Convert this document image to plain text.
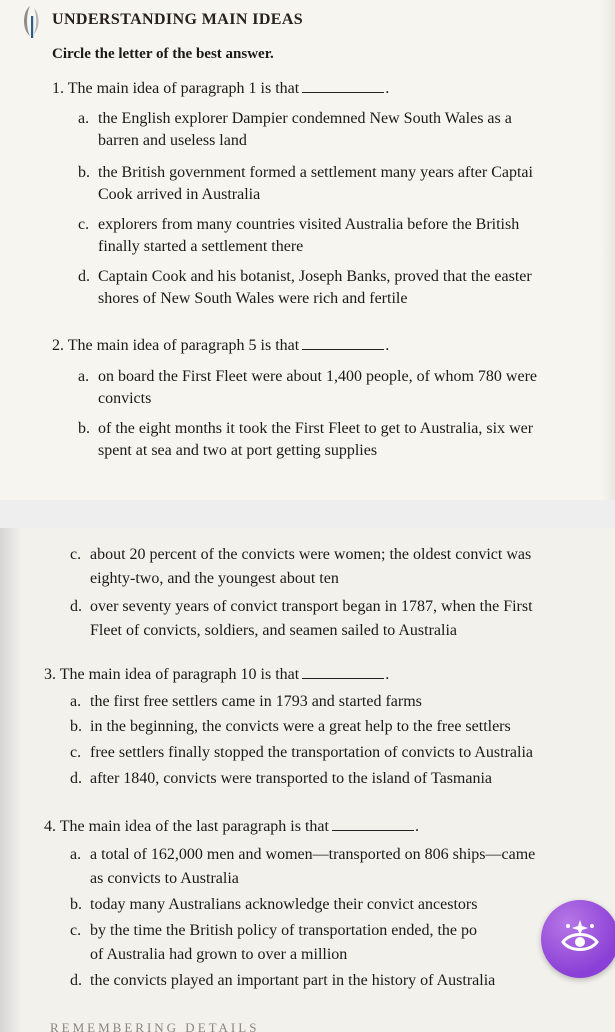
UNDERSTANDING MAIN IDEAS
Circle the letter of the best answer.
1. The main idea of paragraph 1 is that	.
a. the English explorer Dampier condemned New South Wales as a
barren and useless land
b. the British government formed a settlement many years after Captai
Cook arrived in Australia
c. explorers from many countries visited Australia before the British
finally started a settlement there
d. Captain Cook and his botanist, Joseph Banks, proved that the easter
shores of New South Wales were rich and fertile
2. The main idea of paragraph 5 is that	.
a. on board the First Fleet were about 1,400 people, of whom 780 were
convicts
b. of the eight months it took the First Fleet to get to Australia, six wer
spent at sea and two at port getting supplies
c. about 20 percent of the convicts were women; the oldest convict was
eighty-two, and the youngest about ten
d. over seventy years of convict transport began in 1787, when the First
Fleet of convicts, soldiers, and seamen sailed to Australia
3. The main idea of paragraph 10 is that	.
a. the first free settlers came in 1793 and started farms
b. in the beginning, the convicts were a great help to the free settlers
c. free settlers finally stopped the transportation of convicts to Australia
d. after 1840, convicts were transported to the island of Tasmania
4. The main idea of the last paragraph is that	.
a. a total of 162,000 men and women—transported on 806 ships—came
as convicts to Australia
b. today many Australians acknowledge their convict ancestors
c. by the time the British policy of transportation ended, the po
of Australia had grown to over a million
d. the convicts played an important part in the history of Australia
REMEMBERING DETAILS
